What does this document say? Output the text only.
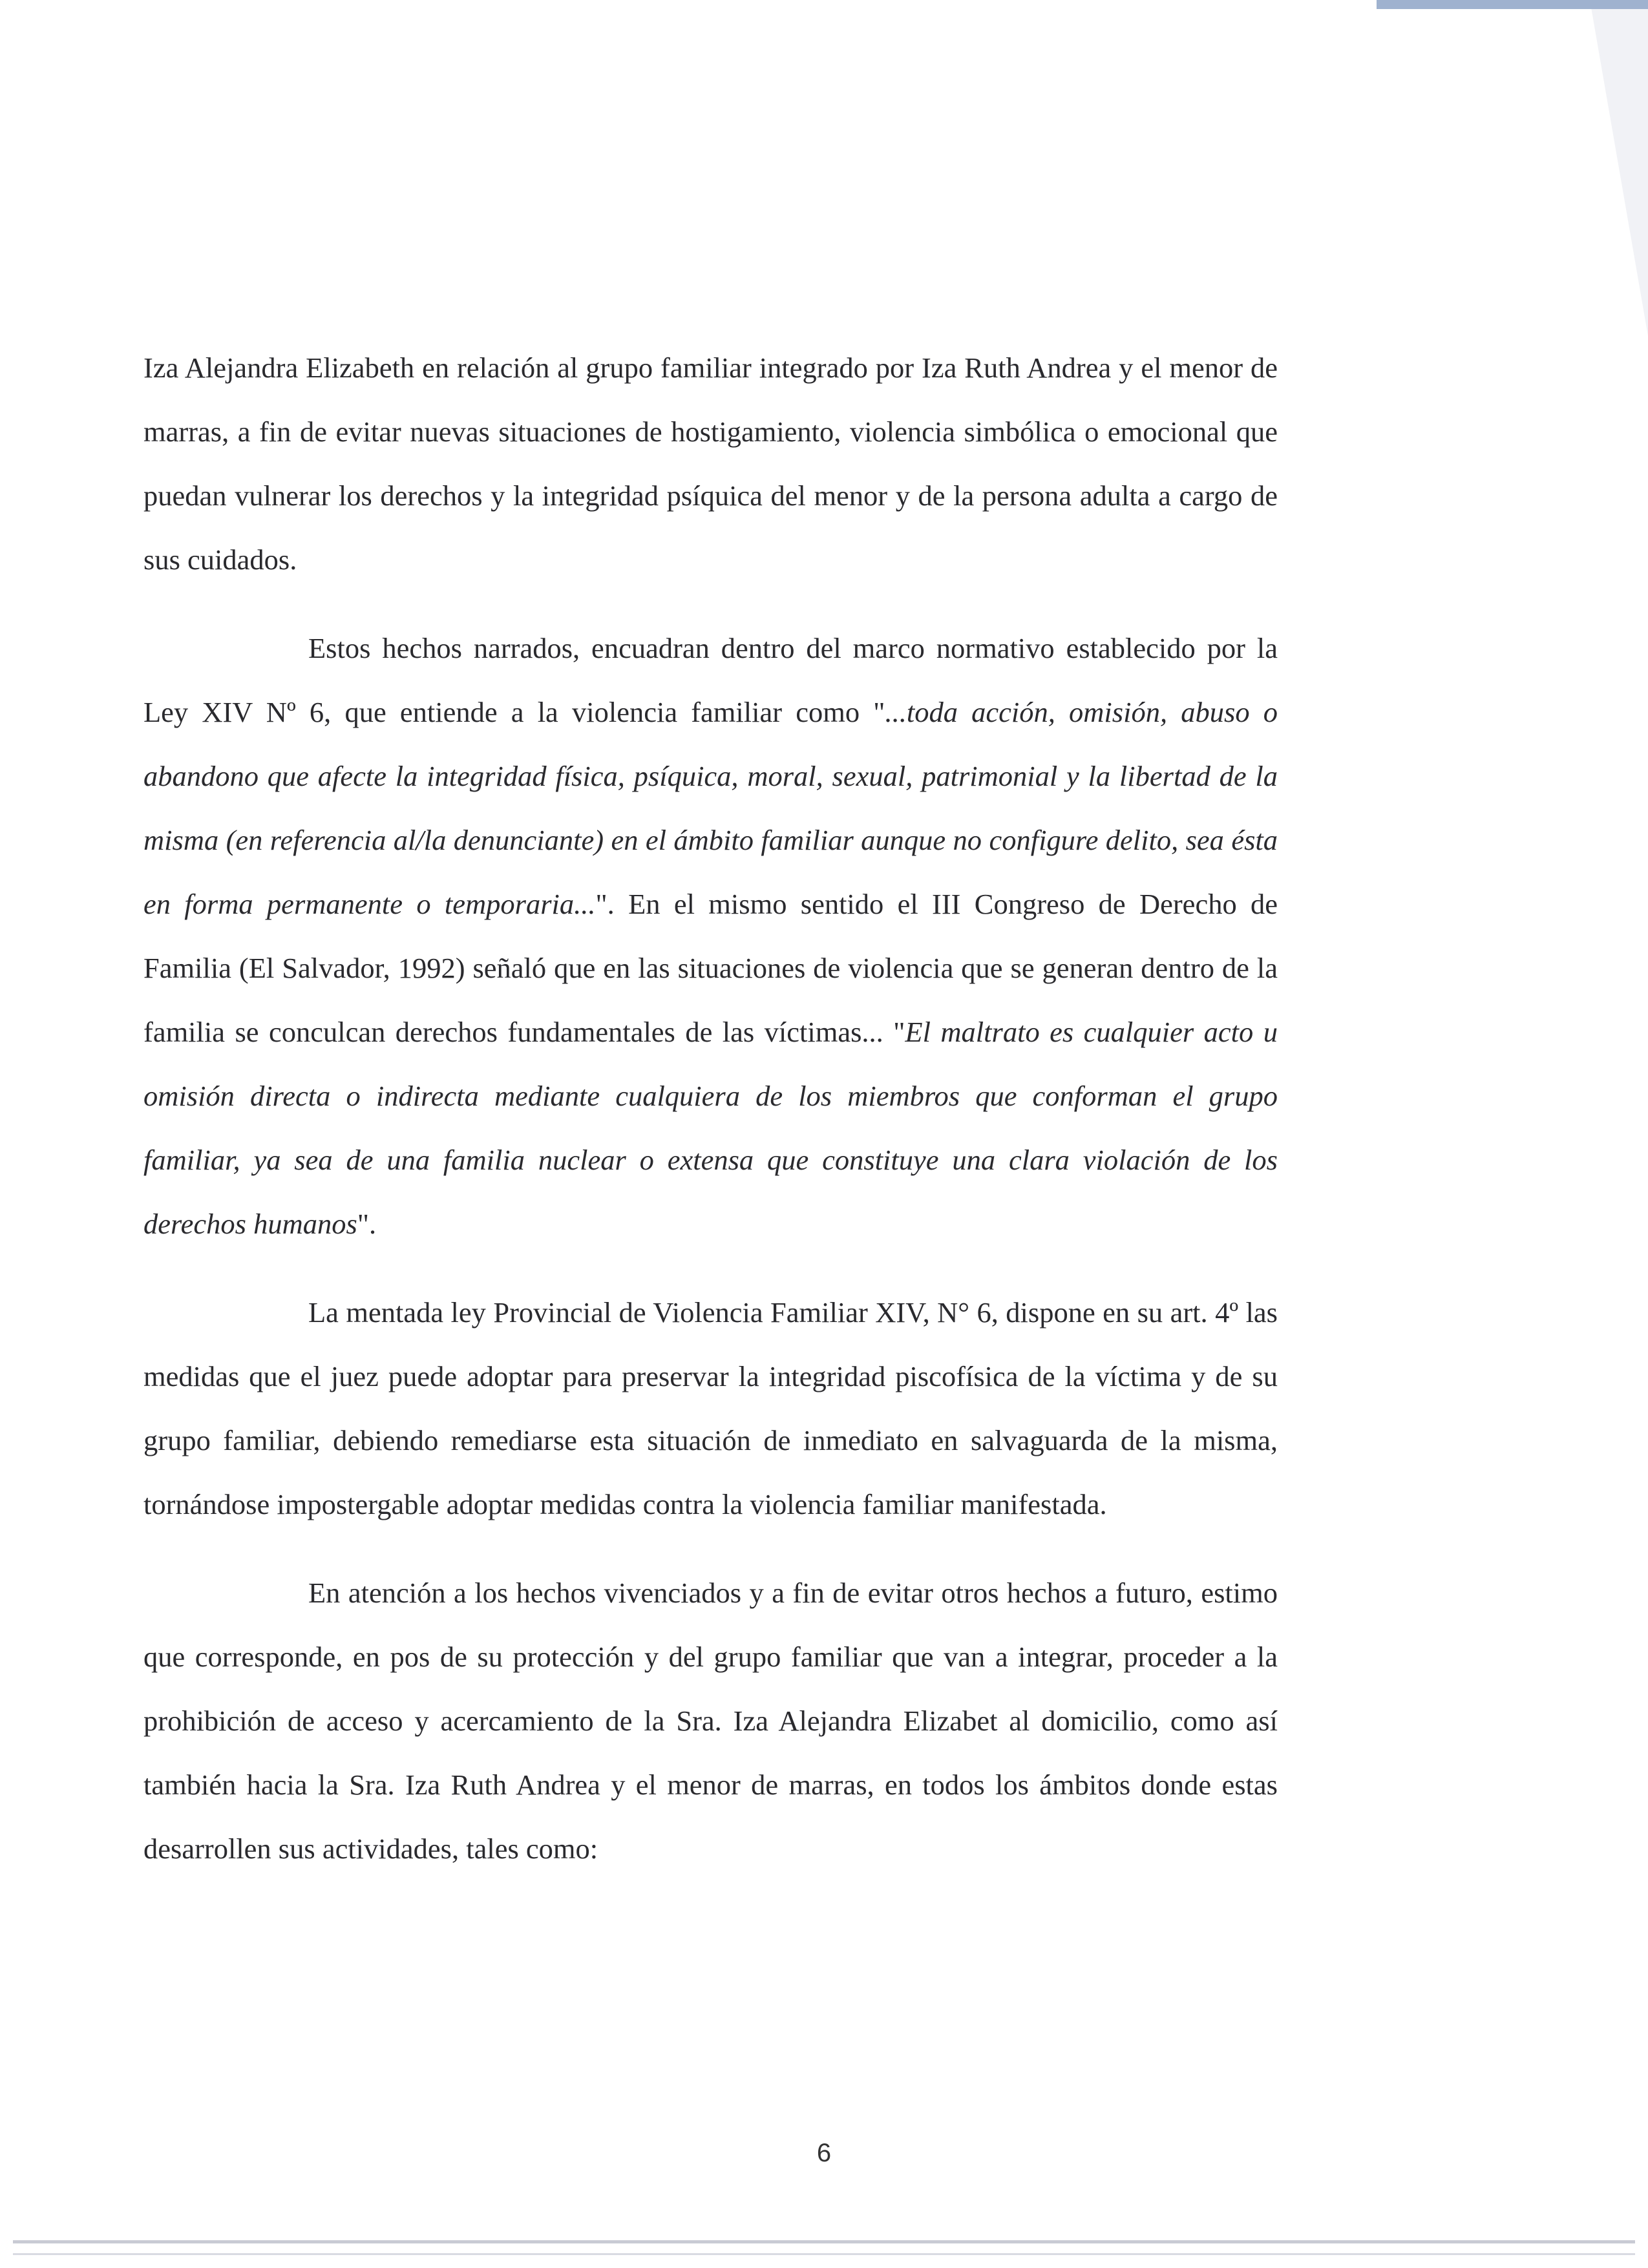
Iza Alejandra Elizabeth en relación al grupo familiar integrado por Iza Ruth Andrea y el menor de marras, a fin de evitar nuevas situaciones de hostigamiento, violencia simbólica o emocional que puedan vulnerar los derechos y la integridad psíquica del menor y de la persona adulta a cargo de sus cuidados.

Estos hechos narrados, encuadran dentro del marco normativo establecido por la Ley XIV Nº 6, que entiende a la violencia familiar como "...toda acción, omisión, abuso o abandono que afecte la integridad física, psíquica, moral, sexual, patrimonial y la libertad de la misma (en referencia al/la denunciante) en el ámbito familiar aunque no configure delito, sea ésta en forma permanente o temporaria...". En el mismo sentido el III Congreso de Derecho de Familia (El Salvador, 1992) señaló que en las situaciones de violencia que se generan dentro de la familia se conculcan derechos fundamentales de las víctimas... "El maltrato es cualquier acto u omisión directa o indirecta mediante cualquiera de los miembros que conforman el grupo familiar, ya sea de una familia nuclear o extensa que constituye una clara violación de los derechos humanos".

La mentada ley Provincial de Violencia Familiar XIV, N° 6, dispone en su art. 4º las medidas que el juez puede adoptar para preservar la integridad piscofísica de la víctima y de su grupo familiar, debiendo remediarse esta situación de inmediato en salvaguarda de la misma, tornándose impostergable adoptar medidas contra la violencia familiar manifestada.

En atención a los hechos vivenciados y a fin de evitar otros hechos a futuro, estimo que corresponde, en pos de su protección y del grupo familiar que van a integrar, proceder a la prohibición de acceso y acercamiento de la Sra. Iza Alejandra Elizabet al domicilio, como así también hacia la Sra. Iza Ruth Andrea y el menor de marras, en todos los ámbitos donde estas desarrollen sus actividades, tales como:

6
